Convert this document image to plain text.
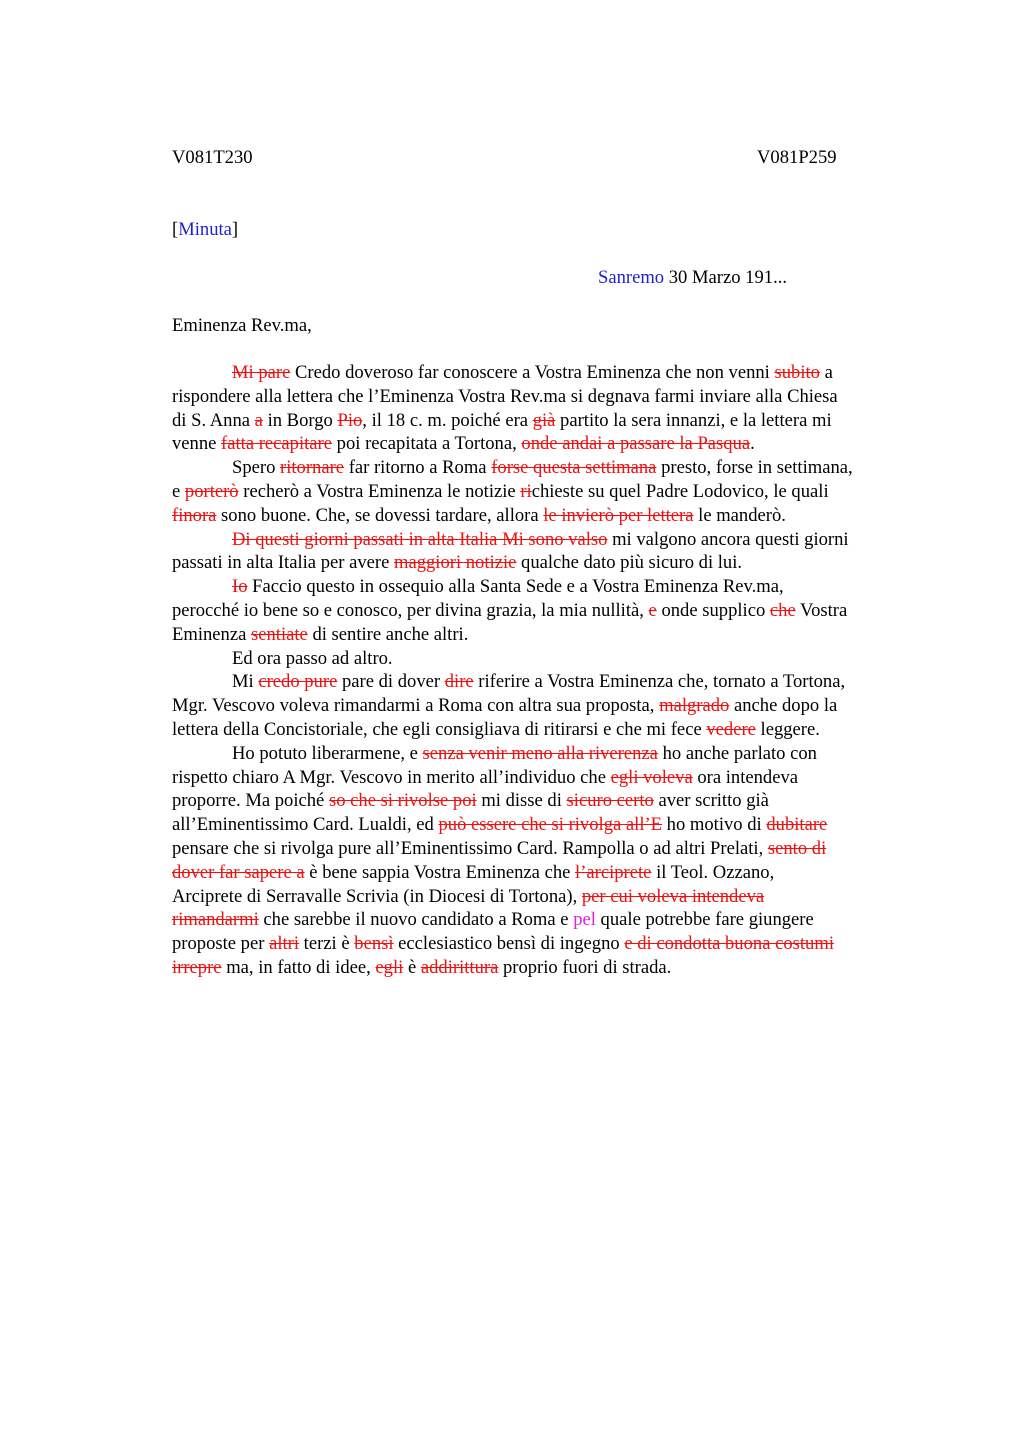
V081T230	V081P259
[Minuta]
Sanremo 30 Marzo 191...
Eminenza Rev.ma,
Mi pare Credo doveroso far conoscere a Vostra Eminenza che non venni subito a
rispondere alla lettera che l’Eminenza Vostra Rev.ma si degnava farmi inviare alla Chiesa
di S. Anna a in Borgo Pio, il 18 c. m. poiché era già partito la sera innanzi, e la lettera mi
venne fatta recapitare poi recapitata a Tortona, onde andai a passare la Pasqua.
Spero ritornare far ritorno a Roma forse questa settimana presto, forse in settimana,
e porterò recherò a Vostra Eminenza le notizie richieste su quel Padre Lodovico, le quali
finora sono buone. Che, se dovessi tardare, allora le invierò per lettera le manderò.
Di questi giorni passati in alta Italia Mi sono valso mi valgono ancora questi giorni
passati in alta Italia per avere maggiori notizie qualche dato più sicuro di lui.
Io Faccio questo in ossequio alla Santa Sede e a Vostra Eminenza Rev.ma,
perocché io bene so e conosco, per divina grazia, la mia nullità, e onde supplico che Vostra
Eminenza sentiate di sentire anche altri.
Ed ora passo ad altro.
Mi credo pure pare di dover dire riferire a Vostra Eminenza che, tornato a Tortona,
Mgr. Vescovo voleva rimandarmi a Roma con altra sua proposta, malgrado anche dopo la
lettera della Concistoriale, che egli consigliava di ritirarsi e che mi fece vedere leggere.
Ho potuto liberarmene, e senza venir meno alla riverenza ho anche parlato con
rispetto chiaro A Mgr. Vescovo in merito all’individuo che egli voleva ora intendeva
proporre. Ma poiché so che si rivolse poi mi disse di sicuro certo aver scritto già
all’Eminentissimo Card. Lualdi, ed può essere che si rivolga all’E ho motivo di dubitare
pensare che si rivolga pure all’Eminentissimo Card. Rampolla o ad altri Prelati, sento di
dover far sapere a è bene sappia Vostra Eminenza che l’arciprete il Teol. Ozzano,
Arciprete di Serravalle Scrivia (in Diocesi di Tortona), per cui voleva intendeva
rimandarmi che sarebbe il nuovo candidato a Roma e pel quale potrebbe fare giungere
proposte per altri terzi è bensì ecclesiastico bensì di ingegno e di condotta buona costumi
irrepre ma, in fatto di idee, egli è addirittura proprio fuori di strada.
